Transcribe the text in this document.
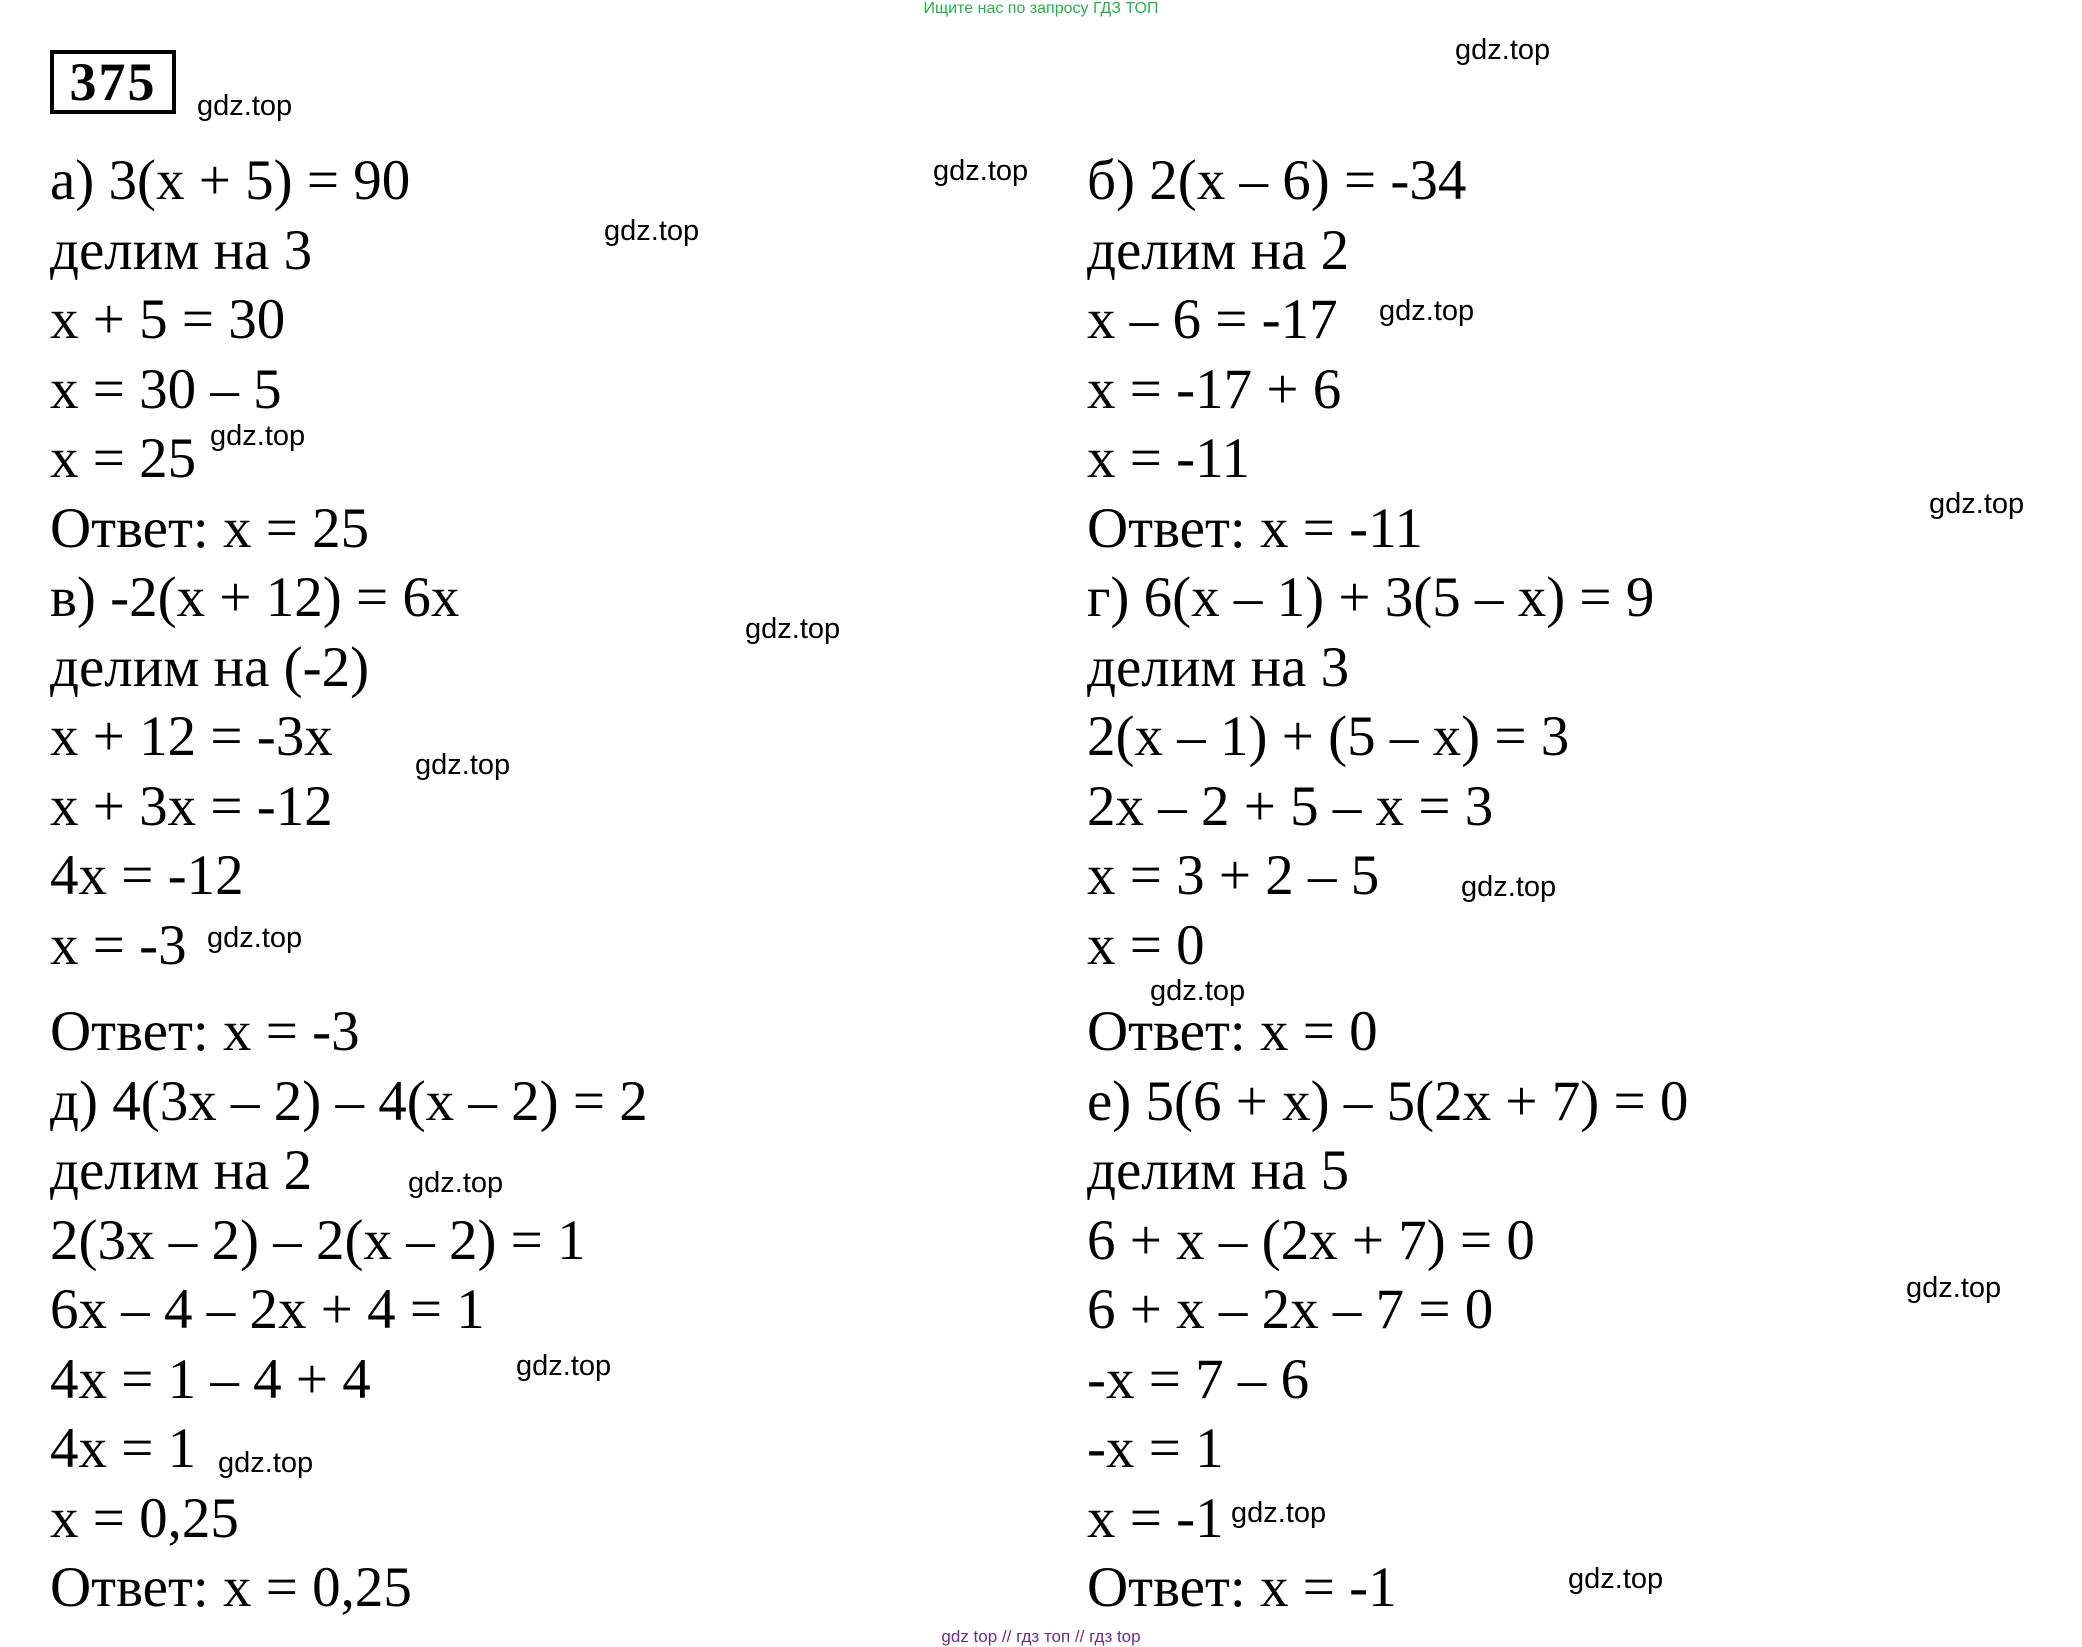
Ищите нас по запросу ГДЗ ТОП
375
а) 3(x + 5) = 90
делим на 3
x + 5 = 30
x = 30 – 5
x = 25
Ответ: x = 25
в) -2(x + 12) = 6x
делим на (-2)
x + 12 = -3x
x + 3x = -12
4x = -12
x = -3
Ответ: x = -3
д) 4(3x – 2) – 4(x – 2) = 2
делим на 2
2(3x – 2) – 2(x – 2) = 1
6x – 4 – 2x + 4 = 1
4x = 1 – 4 + 4
4x = 1
x = 0,25
Ответ: x = 0,25
б) 2(x – 6) = -34
делим на 2
x – 6 = -17
x = -17 + 6
x = -11
Ответ: x = -11
г) 6(x – 1) + 3(5 – x) = 9
делим на 3
2(x – 1) + (5 – x) = 3
2x – 2 + 5 – x = 3
x = 3 + 2 – 5
x = 0
Ответ: x = 0
е) 5(6 + x) – 5(2x + 7) = 0
делим на 5
6 + x – (2x + 7) = 0
6 + x – 2x – 7 = 0
-x = 7 – 6
-x = 1
x = -1
Ответ: x = -1
gdz.top
gdz.top
gdz.top
gdz.top
gdz.top
gdz.top
gdz.top
gdz.top
gdz.top
gdz.top
gdz.top
gdz.top
gdz.top
gdz.top
gdz.top
gdz.top
gdz.top
gdz.top
gdz top // гдз топ // гдз top
